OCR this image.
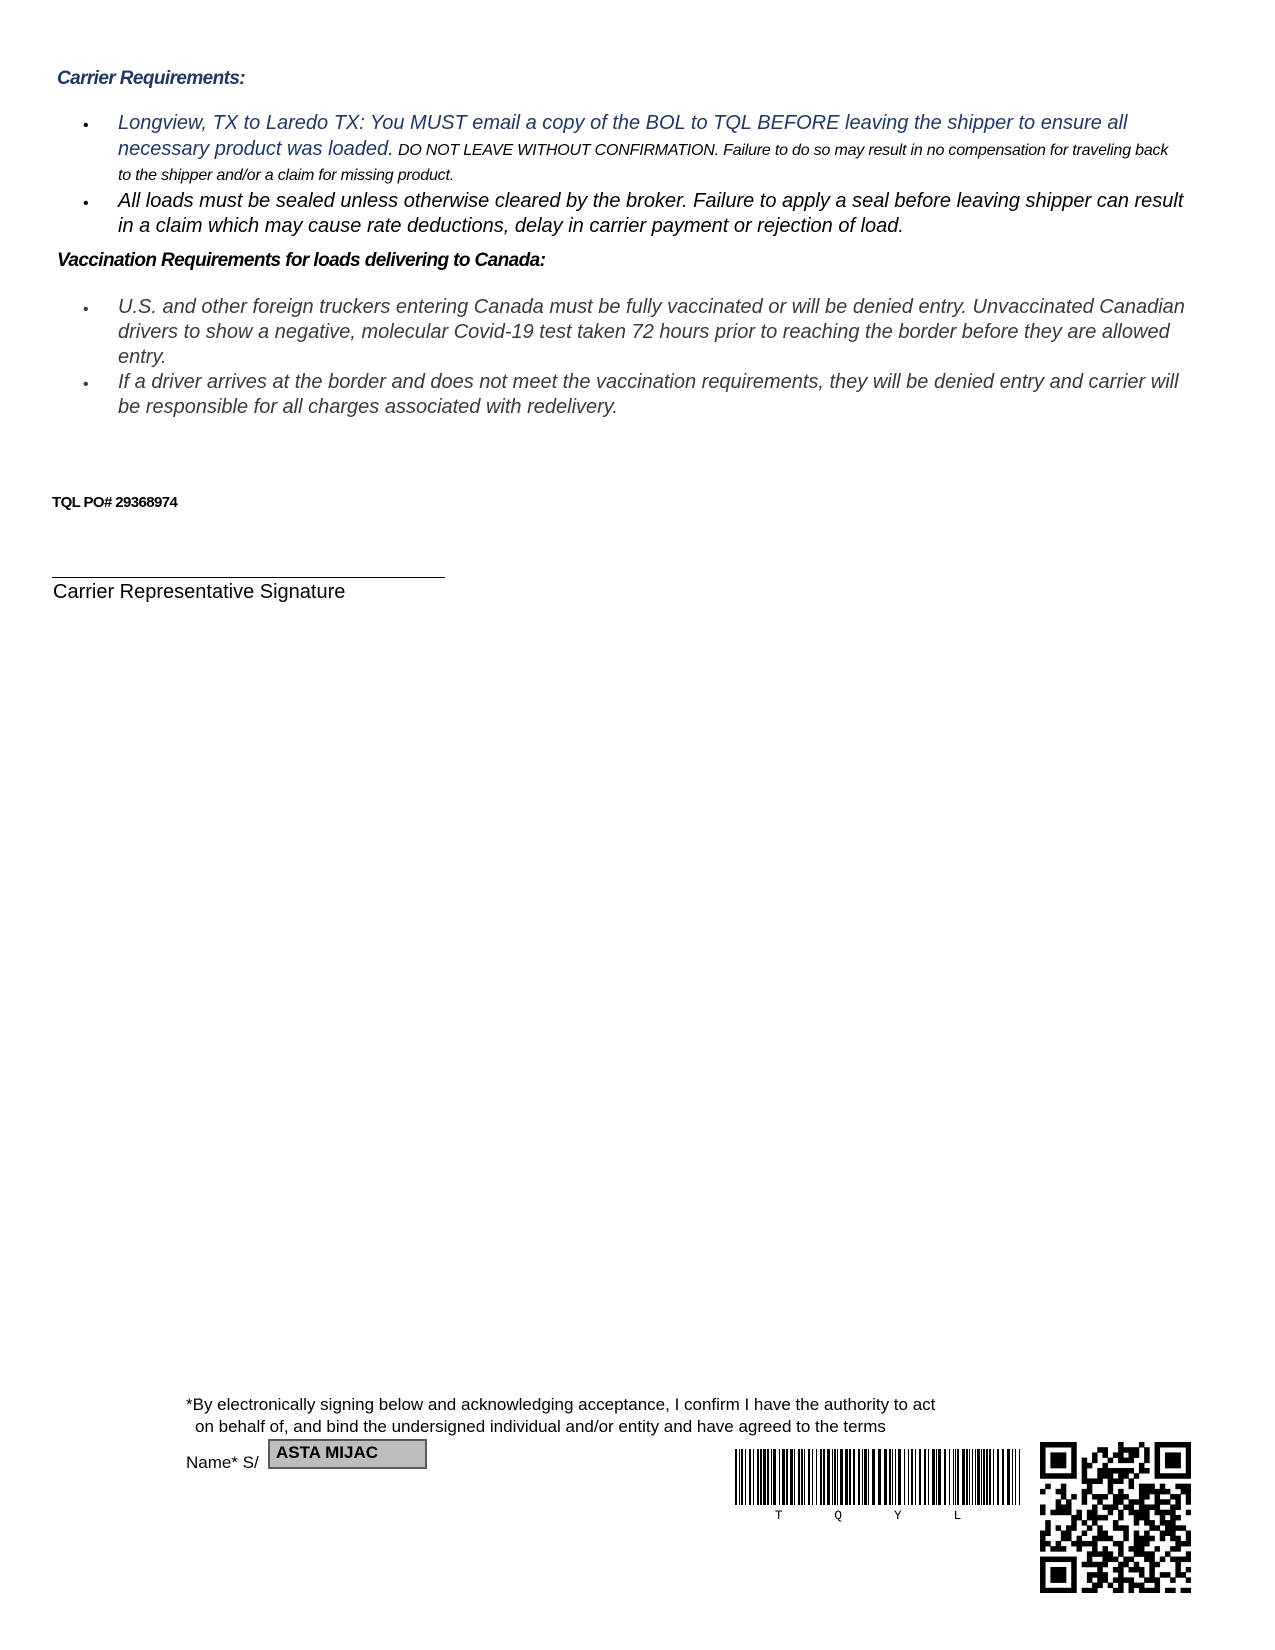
Carrier Requirements:
• Longview, TX to Laredo TX: You MUST email a copy of the BOL to TQL BEFORE leaving the shipper to ensure all necessary product was loaded. DO NOT LEAVE WITHOUT CONFIRMATION. Failure to do so may result in no compensation for traveling back to the shipper and/or a claim for missing product.
• All loads must be sealed unless otherwise cleared by the broker. Failure to apply a seal before leaving shipper can result in a claim which may cause rate deductions, delay in carrier payment or rejection of load.
Vaccination Requirements for loads delivering to Canada:
• U.S. and other foreign truckers entering Canada must be fully vaccinated or will be denied entry. Unvaccinated Canadian drivers to show a negative, molecular Covid-19 test taken 72 hours prior to reaching the border before they are allowed entry.
• If a driver arrives at the border and does not meet the vaccination requirements, they will be denied entry and carrier will be responsible for all charges associated with redelivery.
TQL PO# 29368974
Carrier Representative Signature
*By electronically signing below and acknowledging acceptance, I confirm I have the authority to act
on behalf of, and bind the undersigned individual and/or entity and have agreed to the terms
Name* S/
ASTA MIJAC
T Q Y L
